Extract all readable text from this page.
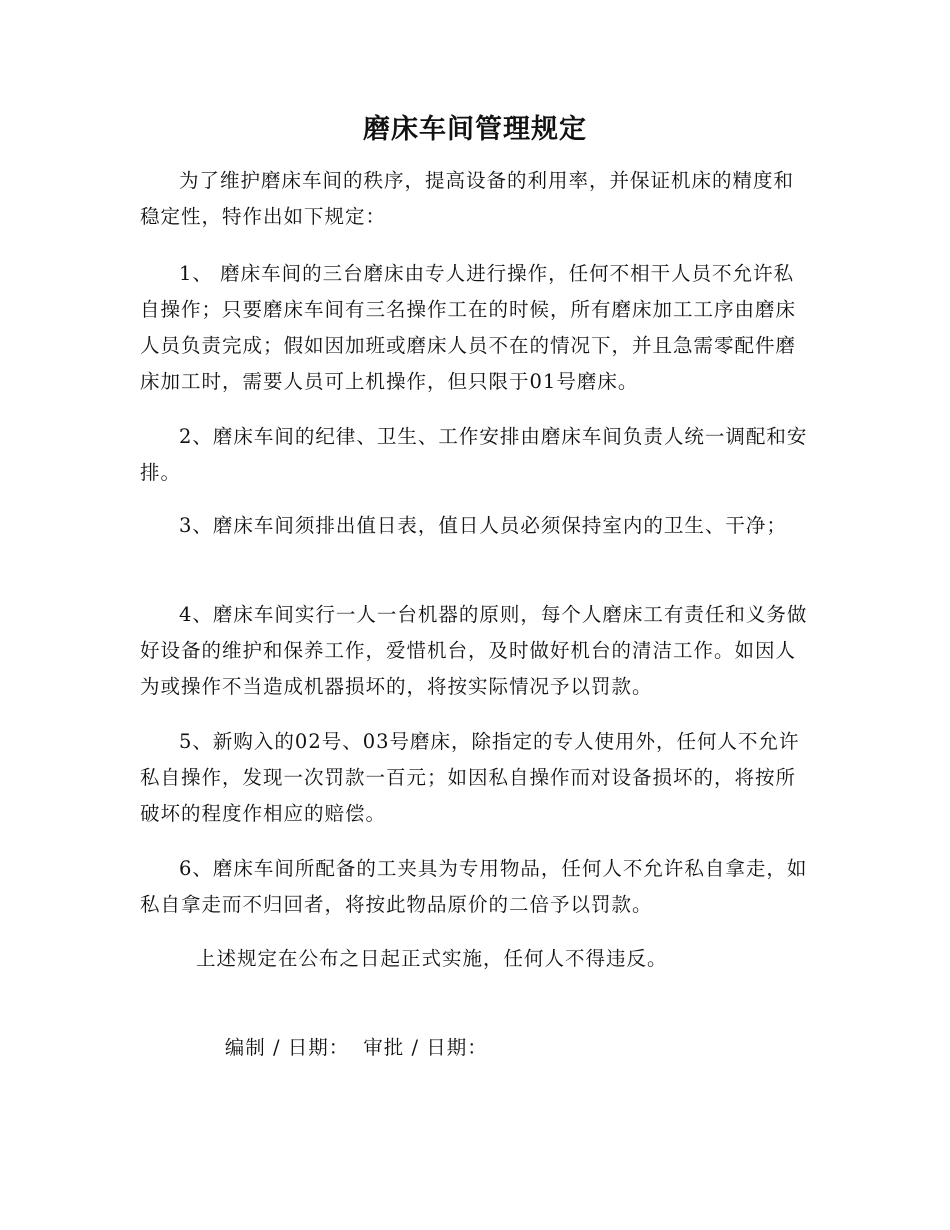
磨床车间管理规定

为了维护磨床车间的秩序，提高设备的利用率，并保证机床的精度和稳定性，特作出如下规定：

1、 磨床车间的三台磨床由专人进行操作，任何不相干人员不允许私自操作；只要磨床车间有三名操作工在的时候，所有磨床加工工序由磨床人员负责完成；假如因加班或磨床人员不在的情况下，并且急需零配件磨床加工时，需要人员可上机操作，但只限于01号磨床。

2、磨床车间的纪律、卫生、工作安排由磨床车间负责人统一调配和安排。

3、磨床车间须排出值日表，值日人员必须保持室内的卫生、干净；

4、磨床车间实行一人一台机器的原则，每个人磨床工有责任和义务做好设备的维护和保养工作，爱惜机台，及时做好机台的清洁工作。如因人为或操作不当造成机器损坏的，将按实际情况予以罚款。

5、新购入的02号、03号磨床，除指定的专人使用外，任何人不允许私自操作，发现一次罚款一百元；如因私自操作而对设备损坏的，将按所破坏的程度作相应的赔偿。

6、磨床车间所配备的工夹具为专用物品，任何人不允许私自拿走，如私自拿走而不归回者，将按此物品原价的二倍予以罚款。

上述规定在公布之日起正式实施，任何人不得违反。

编制 / 日期： 审批 / 日期：
